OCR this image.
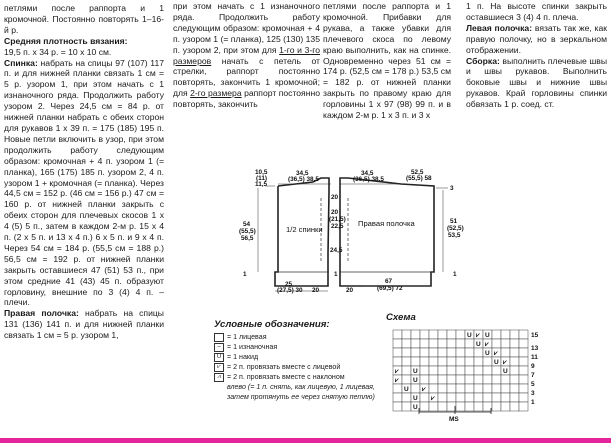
петлями после раппорта и 1 кромочной. Постоянно повторять 1–16-й р.

Средняя плотность вязания:

19,5 п. x 34 р. = 10 x 10 см.

Спинка: набрать на спицы 97 (107) 117 п. и для нижней планки связать 1 см = 5 р. узором 1, при этом начать с 1 изнаночного ряда. Продолжить работу узором 2. Через 24,5 см = 84 р. от нижней планки набрать с обеих сторон для рукавов 1 x 39 п. = 175 (185) 195 п. Новые петли включить в узор, при этом продолжить работу следующим образом: кромочная + 4 п. узором 1 (= планка), 165 (175) 185 п. узором 2, 4 п. узором 1 + кромочная (= планка). Через 44,5 см = 152 р. (46 см = 156 р.) 47 см = 160 р. от нижней планки закрыть с обеих сторон для плечевых скосов 1 x 4 (5) 5 п., затем в каждом 2-м р. 15 x 4 п. (2 x 5 п. и 13 x 4 п.) 6 x 5 п. и 9 x 4 п. Через 54 см = 184 р. (55,5 см = 188 р.) 56,5 см = 192 р. от нижней планки закрыть оставшиеся 47 (51) 53 п., при этом средние 41 (43) 45 п. образуют горловину, внешние по 3 (4) 4 п. – плечи.

Правая полочка: набрать на спицы 131 (136) 141 п. и для нижней планки связать 1 см = 5 р. узором 1,

при этом начать с 1 изнаночного ряда. Продолжить работу следующим образом: кромочная + 4 п. узором 1 (= планка), 125 (130) 135 п. узором 2, при этом для 1-го и 3-го размеров начать с петель от стрелки, раппорт постоянно повторять, закончить 1 кромочной; для 2-го размера раппорт постоянно повторять, закончить

петлями после раппорта и 1 кромочной. Прибавки для рукава, а также убавки для плечевого скоса по левому краю выполнить, как на спинке. Одновременно через 51 см = 174 р. (52,5 см = 178 р.) 53,5 см = 182 р. от нижней планки закрыть по правому краю для горловины 1 x 97 (98) 99 п. и в каждом 2-м р. 1 x 3 п. и 3 x

1 п. На высоте спинки закрыть оставшиеся 3 (4) 4 п. плеча.

Левая полочка: вязать так же, как правую полочку, но в зеркальном отображении.

Сборка: выполнить плечевые швы и швы рукавов. Выполнить боковые швы и нижние швы рукавов. Край горловины спинки обвязать 1 р. соед. ст.

1/2 спинки
Правая полочка
34,5
(36,5) 38,5
34,5
(36,5) 38,5
52,5
(55,5) 58
10,5
(11)
11,5
54
(55,5)
56,5
1
20
20
(21,5)
22,5
24,5
1
3
51
(52,5)
53,5
1
25
(27,5) 30 20	20
67
(69,5) 72
Условные обозначения:
= 1 лицевая
– = 1 изнаночная
U = 1 накид
⩗ = 2 п. провязать вместе с лицевой
⩘ = 2 п. провязать вместе с наклоном
влево (= 1 п. снять, как лицевую, 1 лицевая, затем протянуть ее через снятую петлю)
Схема
U ⩗ U
U ⩗
U ⩗
U ⩗
⩗ U	U
⩗ U
U ⩗
U ⩗
U
15
13
11
9
7
5
3
1
MS
